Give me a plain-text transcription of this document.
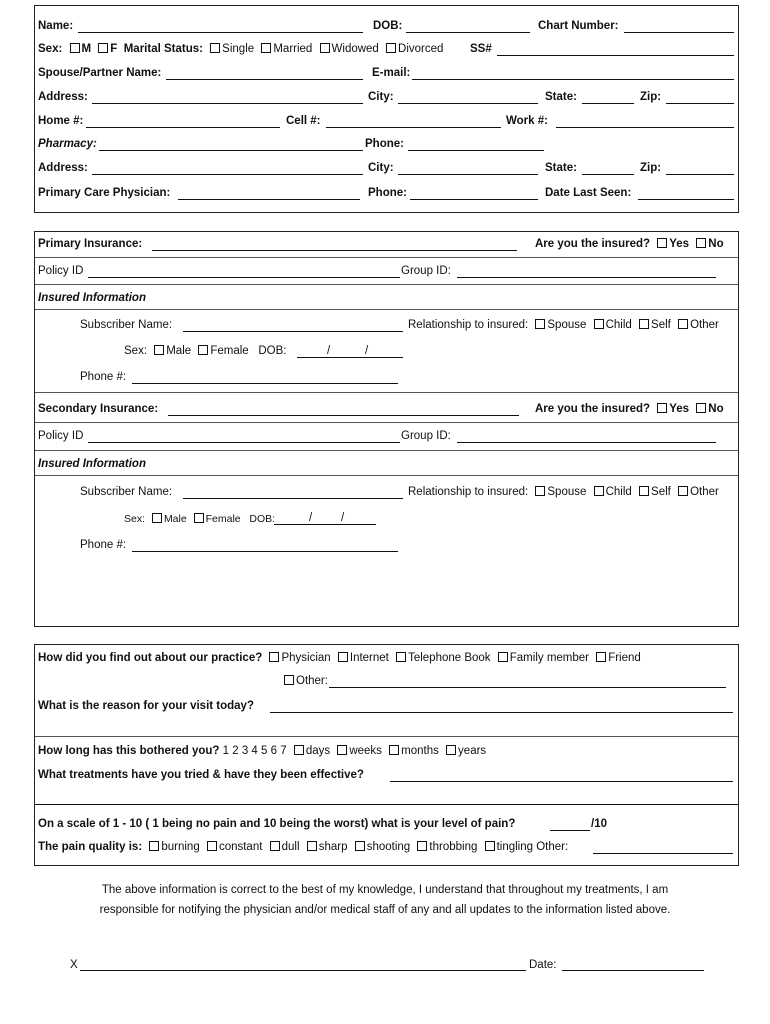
Name:	DOB:	Chart Number:
Sex: M F Marital Status: Single Married Widowed Divorced SS#
Spouse/Partner Name:	E-mail:
Address:	City:	State:	Zip:
Home #:	Cell #:	Work #:
Pharmacy:	Phone:
Address:	City:	State:	Zip:
Primary Care Physician:	Phone:	Date Last Seen:
Primary Insurance:	Are you the insured? Yes No
Policy ID	Group ID:
Insured Information
Subscriber Name:	Relationship to insured: Spouse Child Self Other
Sex: Male Female DOB:	/	/
Phone #:
Secondary Insurance:	Are you the insured? Yes No
Policy ID	Group ID:
Insured Information
Subscriber Name:	Relationship to insured: Spouse Child Self Other
Sex: Male Female DOB:	/	/
Phone #:
How did you find out about our practice? Physician Internet Telephone Book Family member Friend
Other:
What is the reason for your visit today?
How long has this bothered you? 1 2 3 4 5 6 7 days weeks months years
What treatments have you tried & have they been effective?
On a scale of 1 - 10 ( 1 being no pain and 10 being the worst) what is your level of pain?	/10
The pain quality is: burning constant dull sharp shooting throbbing tingling Other:
The above information is correct to the best of my knowledge, I understand that throughout my treatments, I am
responsible for notifying the physician and/or medical staff of any and all updates to the information listed above.
X	Date:
